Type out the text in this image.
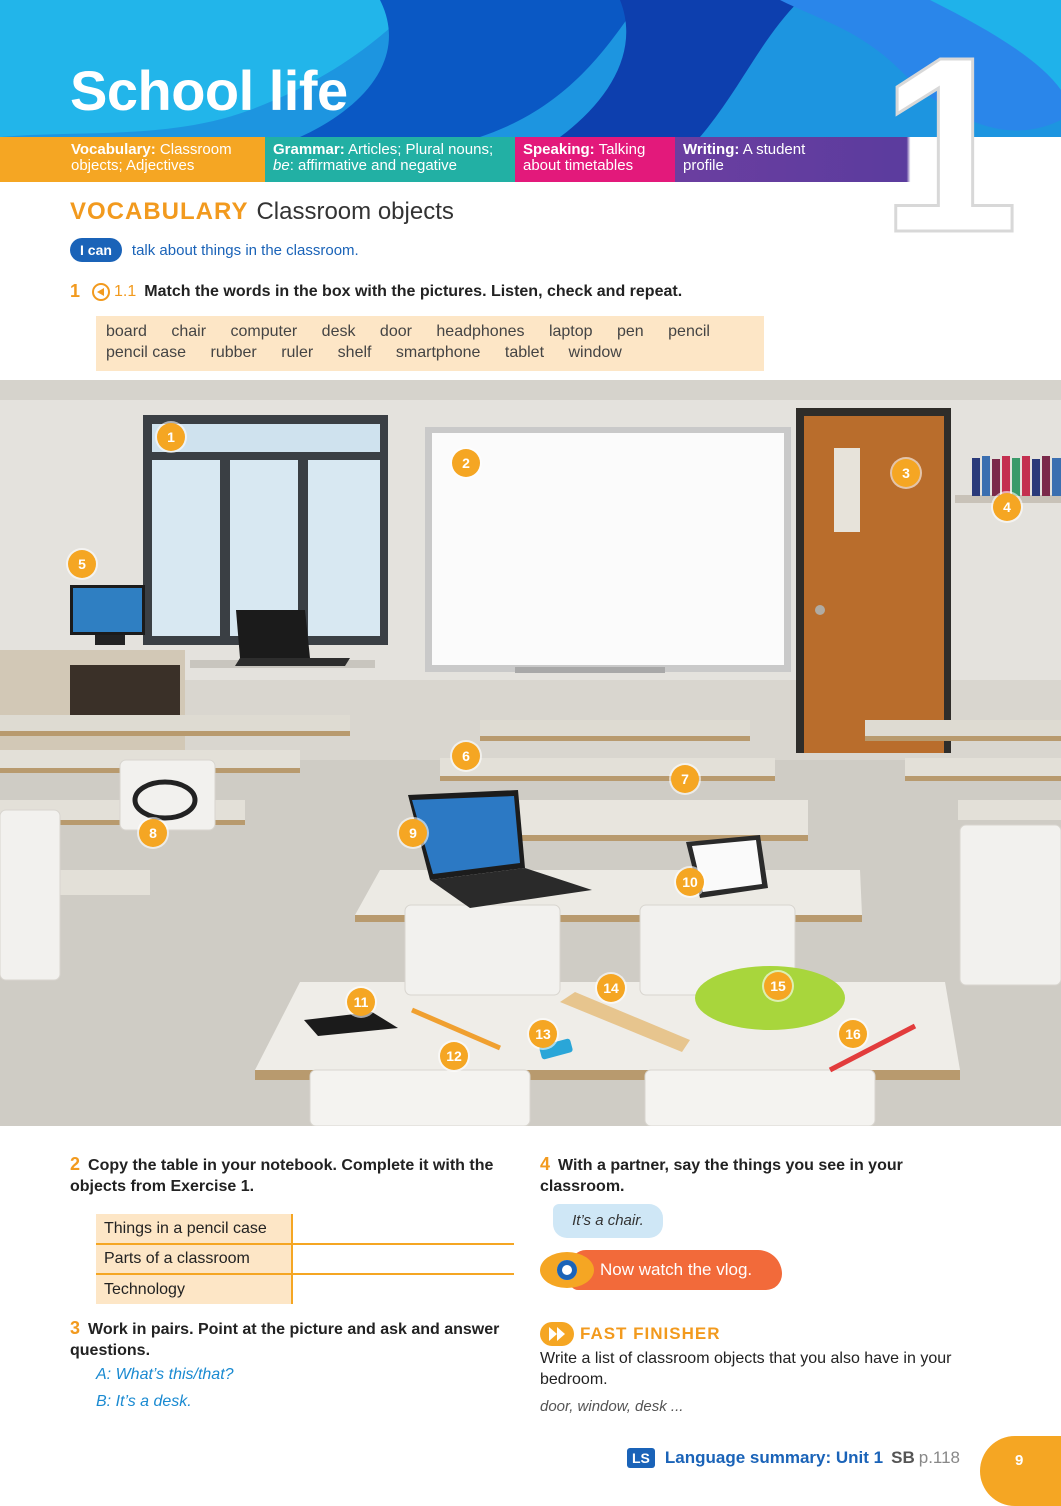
School life 1
Vocabulary: Classroom objects; Adjectives
Grammar: Articles; Plural nouns;
be: affirmative and negative
Speaking: Talking about timetables
Writing: A student profile
VOCABULARY Classroom objects
I can	talk about things in the classroom.
1 1.1 Match the words in the box with the pictures. Listen, check and repeat.
board chair computer desk door headphones laptop pen pencil
pencil case rubber ruler shelf smartphone tablet window
1
2
3
4
5
6
7
8	9
10
11
12
13
14	15
16
2 Copy the table in your notebook. Complete it with the objects from Exercise 1.
Things in a pencil case	
Parts of a classroom	
Technology	
3 Work in pairs. Point at the picture and ask and answer questions.
A: What’s this/that?
B: It’s a desk.
4 With a partner, say the things you see in your classroom.
It’s a chair.
Now watch the vlog.
FAST FINISHER
Write a list of classroom objects that you also have in your bedroom.
door, window, desk ...
LS Language summary: Unit 1 SB p.118	9
